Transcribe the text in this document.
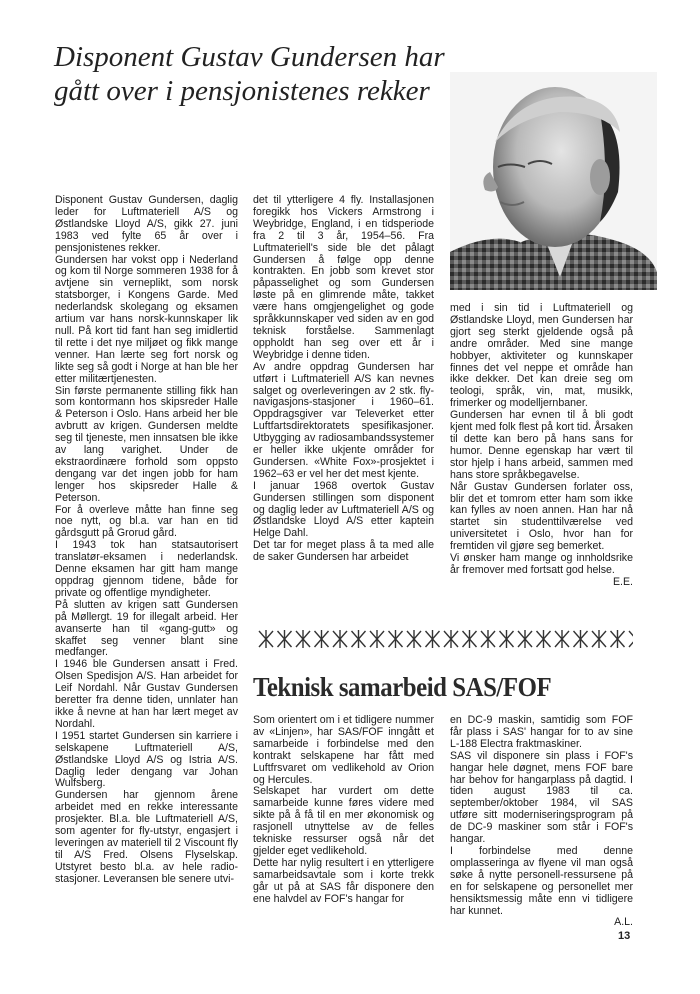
Disponent Gustav Gundersen har
gått over i pensjonistenes rekker

Disponent Gustav Gundersen, daglig leder for Luftmateriell A/S og Østlandske Lloyd A/S, gikk 27. juni 1983 ved fylte 65 år over i pensjonistenes rekker.

Gundersen har vokst opp i Nederland og kom til Norge sommeren 1938 for å avtjene sin verneplikt, som norsk statsborger, i Kongens Garde. Med nederlandsk skolegang og eksamen artium var hans norsk-kunnskaper lik null. På kort tid fant han seg imidlertid til rette i det nye miljøet og fikk mange venner. Han lærte seg fort norsk og likte seg så godt i Norge at han ble her etter militærtjenesten.

Sin første permanente stilling fikk han som kontormann hos skipsreder Halle & Peterson i Oslo. Hans arbeid her ble avbrutt av krigen. Gundersen meldte seg til tjeneste, men innsatsen ble ikke av lang varighet. Under de ekstraordinære forhold som oppsto dengang var det ingen jobb for ham lenger hos skipsreder Halle & Peterson.

For å overleve måtte han finne seg noe nytt, og bl.a. var han en tid gårdsgutt på Grorud gård.

I 1943 tok han statsautorisert translatør-eksamen i nederlandsk. Denne eksamen har gitt ham mange oppdrag gjennom tidene, både for private og offentlige myndigheter.

På slutten av krigen satt Gundersen på Møllergt. 19 for illegalt arbeid. Her avanserte han til «gang-gutt» og skaffet seg venner blant sine medfanger.

I 1946 ble Gundersen ansatt i Fred. Olsen Spedisjon A/S. Han arbeidet for Leif Nordahl. Når Gustav Gundersen beretter fra denne tiden, unnlater han ikke å nevne at han har lært meget av Nordahl.

I 1951 startet Gundersen sin karriere i selskapene Luftmateriell A/S, Østlandske Lloyd A/S og Istria A/S. Daglig leder dengang var Johan Wulfsberg.

Gundersen har gjennom årene arbeidet med en rekke interessante prosjekter. Bl.a. ble Luftmateriell A/S, som agenter for fly-utstyr, engasjert i leveringen av materiell til 2 Viscount fly til A/S Fred. Olsens Flyselskap. Utstyret besto bl.a. av hele radio-stasjoner. Leveransen ble senere utvi-

det til ytterligere 4 fly. Installasjonen foregikk hos Vickers Armstrong i Weybridge, England, i en tidsperiode fra 2 til 3 år, 1954–56. Fra Luftmateriell's side ble det pålagt Gundersen å følge opp denne kontrakten. En jobb som krevet stor påpasselighet og som Gundersen løste på en glimrende måte, takket være hans omgjengelighet og gode språkkunnskaper ved siden av en god teknisk forståelse. Sammenlagt oppholdt han seg over ett år i Weybridge i denne tiden.

Av andre oppdrag Gundersen har utført i Luftmateriell A/S kan nevnes salget og overleveringen av 2 stk. fly-navigasjons-stasjoner i 1960–61. Oppdragsgiver var Televerket etter Luftfartsdirektoratets spesifikasjoner. Utbygging av radiosambandssystemer er heller ikke ukjente områder for Gundersen. «White Fox»-prosjektet i 1962–63 er vel her det mest kjente.

I januar 1968 overtok Gustav Gundersen stillingen som disponent og daglig leder av Luftmateriell A/S og Østlandske Lloyd A/S etter kaptein Helge Dahl.

Det tar for meget plass å ta med alle de saker Gundersen har arbeidet

med i sin tid i Luftmateriell og Østlandske Lloyd, men Gundersen har gjort seg sterkt gjeldende også på andre områder. Med sine mange hobbyer, aktiviteter og kunnskaper finnes det vel neppe et område han ikke dekker. Det kan dreie seg om teologi, språk, vin, mat, musikk, frimerker og modelljernbaner.

Gundersen har evnen til å bli godt kjent med folk flest på kort tid. Årsaken til dette kan bero på hans sans for humor. Denne egenskap har vært til stor hjelp i hans arbeid, sammen med hans store språkbegavelse.

Når Gustav Gundersen forlater oss, blir det et tomrom etter ham som ikke kan fylles av noen annen. Han har nå startet sin studenttilværelse ved universitetet i Oslo, hvor han for fremtiden vil gjøre seg bemerket.

Vi ønsker ham mange og innholdsrike år fremover med fortsatt god helse.

E.E.
Teknisk samarbeid SAS/FOF

Som orientert om i et tidligere nummer av «Linjen», har SAS/FOF inngått et samarbeide i forbindelse med den kontrakt selskapene har fått med Luftfrsvaret om vedlikehold av Orion og Hercules.

Selskapet har vurdert om dette samarbeide kunne føres videre med sikte på å få til en mer økonomisk og rasjonell utnyttelse av de felles tekniske ressurser også når det gjelder eget vedlikehold.

Dette har nylig resultert i en ytterligere samarbeidsavtale som i korte trekk går ut på at SAS får disponere den ene halvdel av FOF's hangar for

en DC-9 maskin, samtidig som FOF får plass i SAS' hangar for to av sine L-188 Electra fraktmaskiner.

SAS vil disponere sin plass i FOF's hangar hele døgnet, mens FOF bare har behov for hangarplass på dagtid. I tiden august 1983 til ca. september/oktober 1984, vil SAS utføre sitt moderniseringsprogram på de DC-9 maskiner som står i FOF's hangar.

I forbindelse med denne omplasseringa av flyene vil man også søke å nytte personell-ressursene på en for selskapene og personellet mer hensiktsmessig måte enn vi tidligere har kunnet.

A.L.
13
